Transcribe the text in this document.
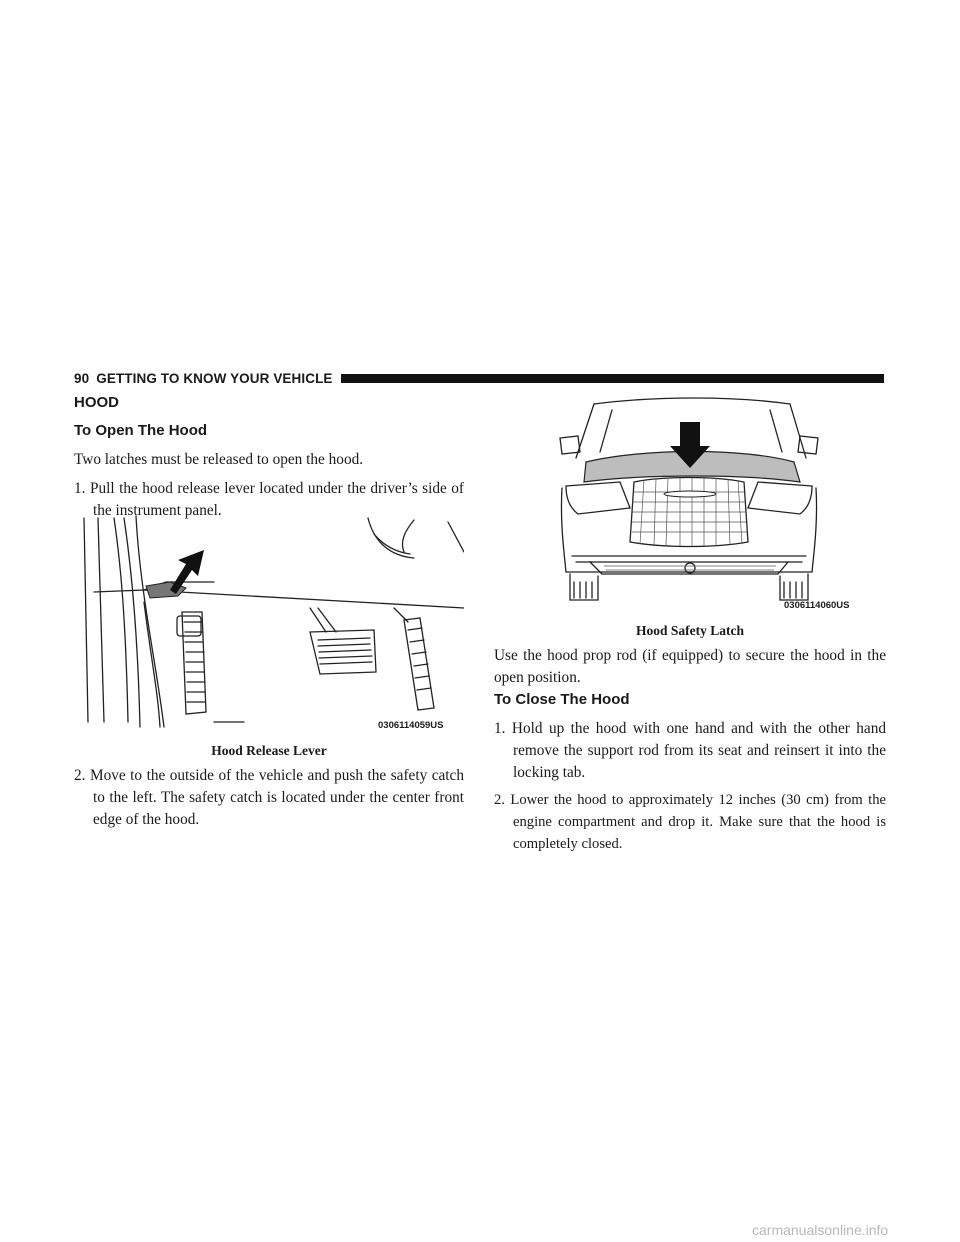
90 GETTING TO KNOW YOUR VEHICLE
HOOD
To Open The Hood

Two latches must be released to open the hood.

1. Pull the hood release lever located under the driver’s side of the instrument panel.

0306114059US
Hood Release Lever

2. Move to the outside of the vehicle and push the safety catch to the left. The safety catch is located under the center front edge of the hood.

0306114060US
Hood Safety Latch

Use the hood prop rod (if equipped) to secure the hood in the open position.

To Close The Hood

1. Hold up the hood with one hand and with the other hand remove the support rod from its seat and reinsert it into the locking tab.

2. Lower the hood to approximately 12 inches (30 cm) from the engine compartment and drop it. Make sure that the hood is completely closed.

carmanualsonline.info
